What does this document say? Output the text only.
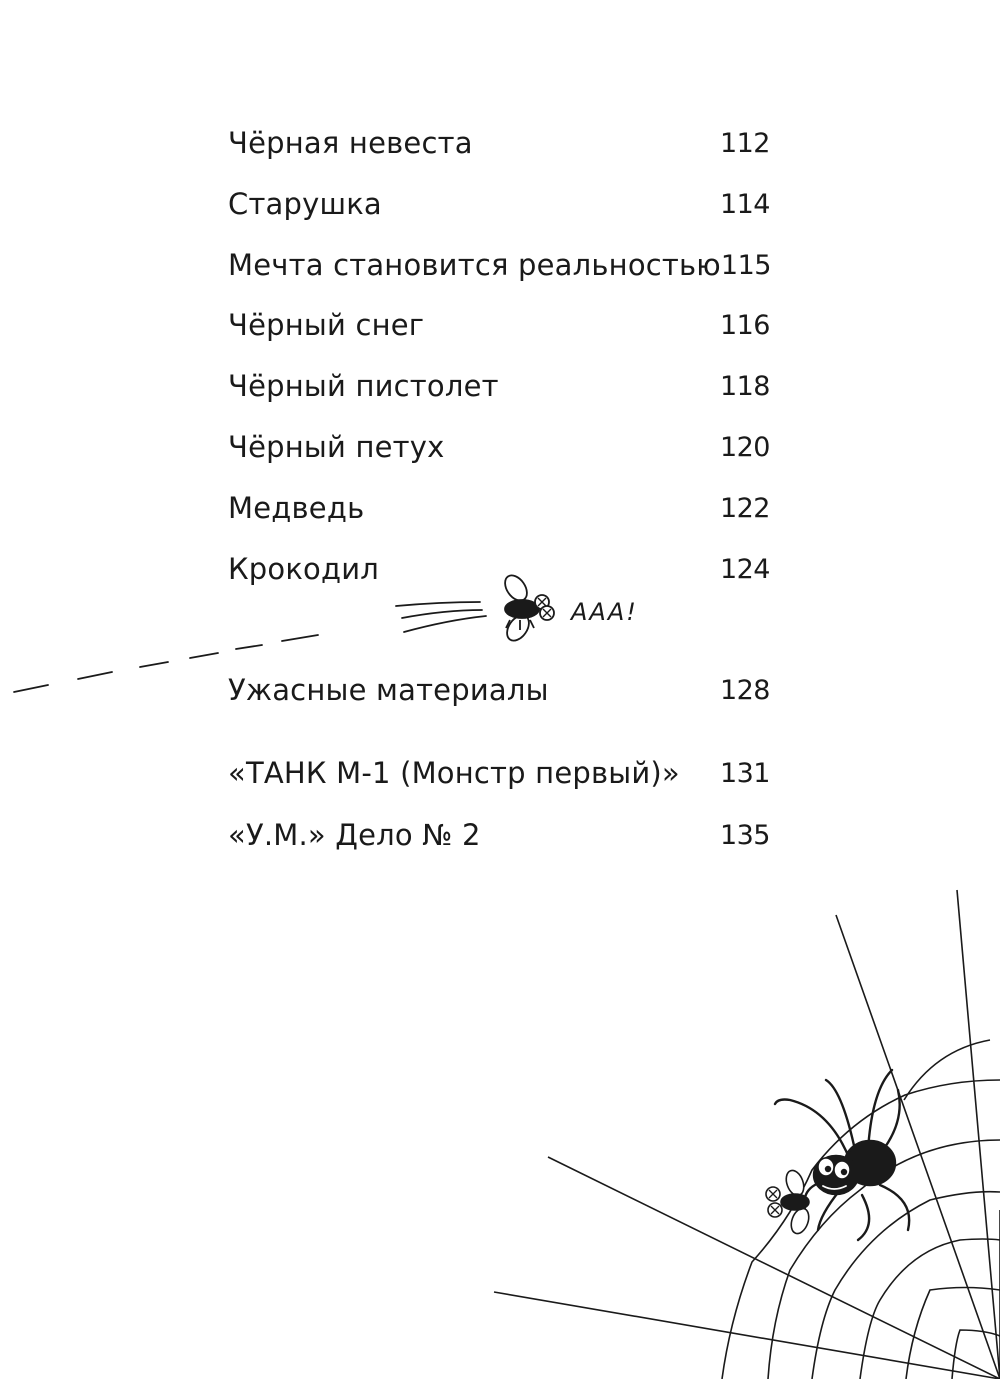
Чёрная невеста	112
Старушка	114
Мечта становится реальностью 115
Чёрный снег	116
Чёрный пистолет	118
Чёрный петух	120
Медведь	122
Крокодил	124
Ужасные материалы	128
«ТАНК М-1 (Монстр первый)» 131
«У.М.» Дело № 2	135
AAA!
